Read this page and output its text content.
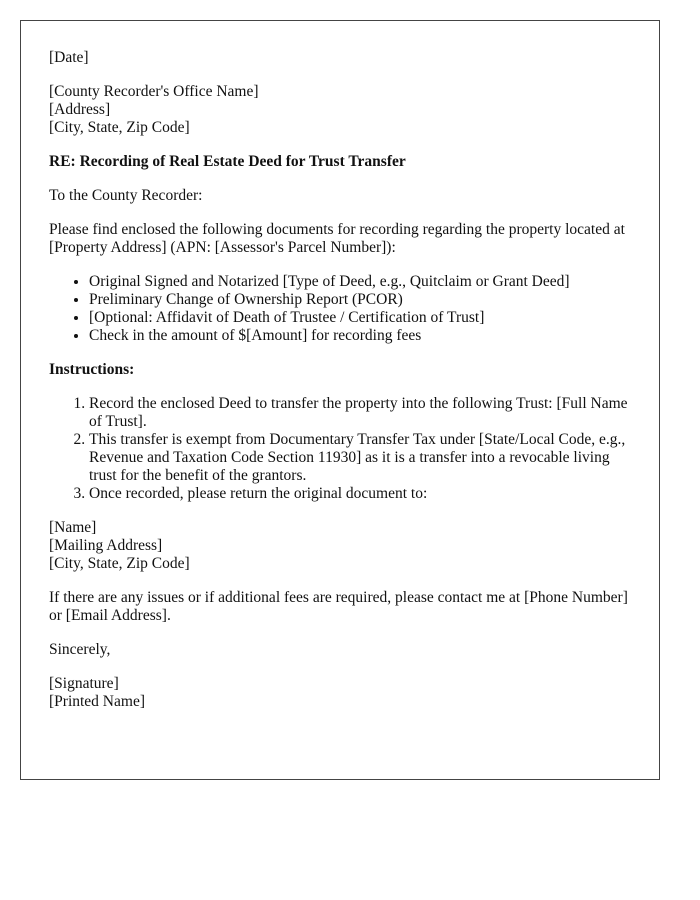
[Date]

[County Recorder's Office Name]
[Address]
[City, State, Zip Code]

RE: Recording of Real Estate Deed for Trust Transfer

To the County Recorder:

Please find enclosed the following documents for recording regarding the property located at [Property Address] (APN: [Assessor's Parcel Number]):

• Original Signed and Notarized [Type of Deed, e.g., Quitclaim or Grant Deed]
• Preliminary Change of Ownership Report (PCOR)
• [Optional: Affidavit of Death of Trustee / Certification of Trust]
• Check in the amount of $[Amount] for recording fees

Instructions:

1. Record the enclosed Deed to transfer the property into the following Trust: [Full Name of Trust].
2. This transfer is exempt from Documentary Transfer Tax under [State/Local Code, e.g., Revenue and Taxation Code Section 11930] as it is a transfer into a revocable living trust for the benefit of the grantors.
3. Once recorded, please return the original document to:
[Name]
[Mailing Address]
[City, State, Zip Code]

If there are any issues or if additional fees are required, please contact me at [Phone Number] or [Email Address].

Sincerely,

[Signature]
[Printed Name]
